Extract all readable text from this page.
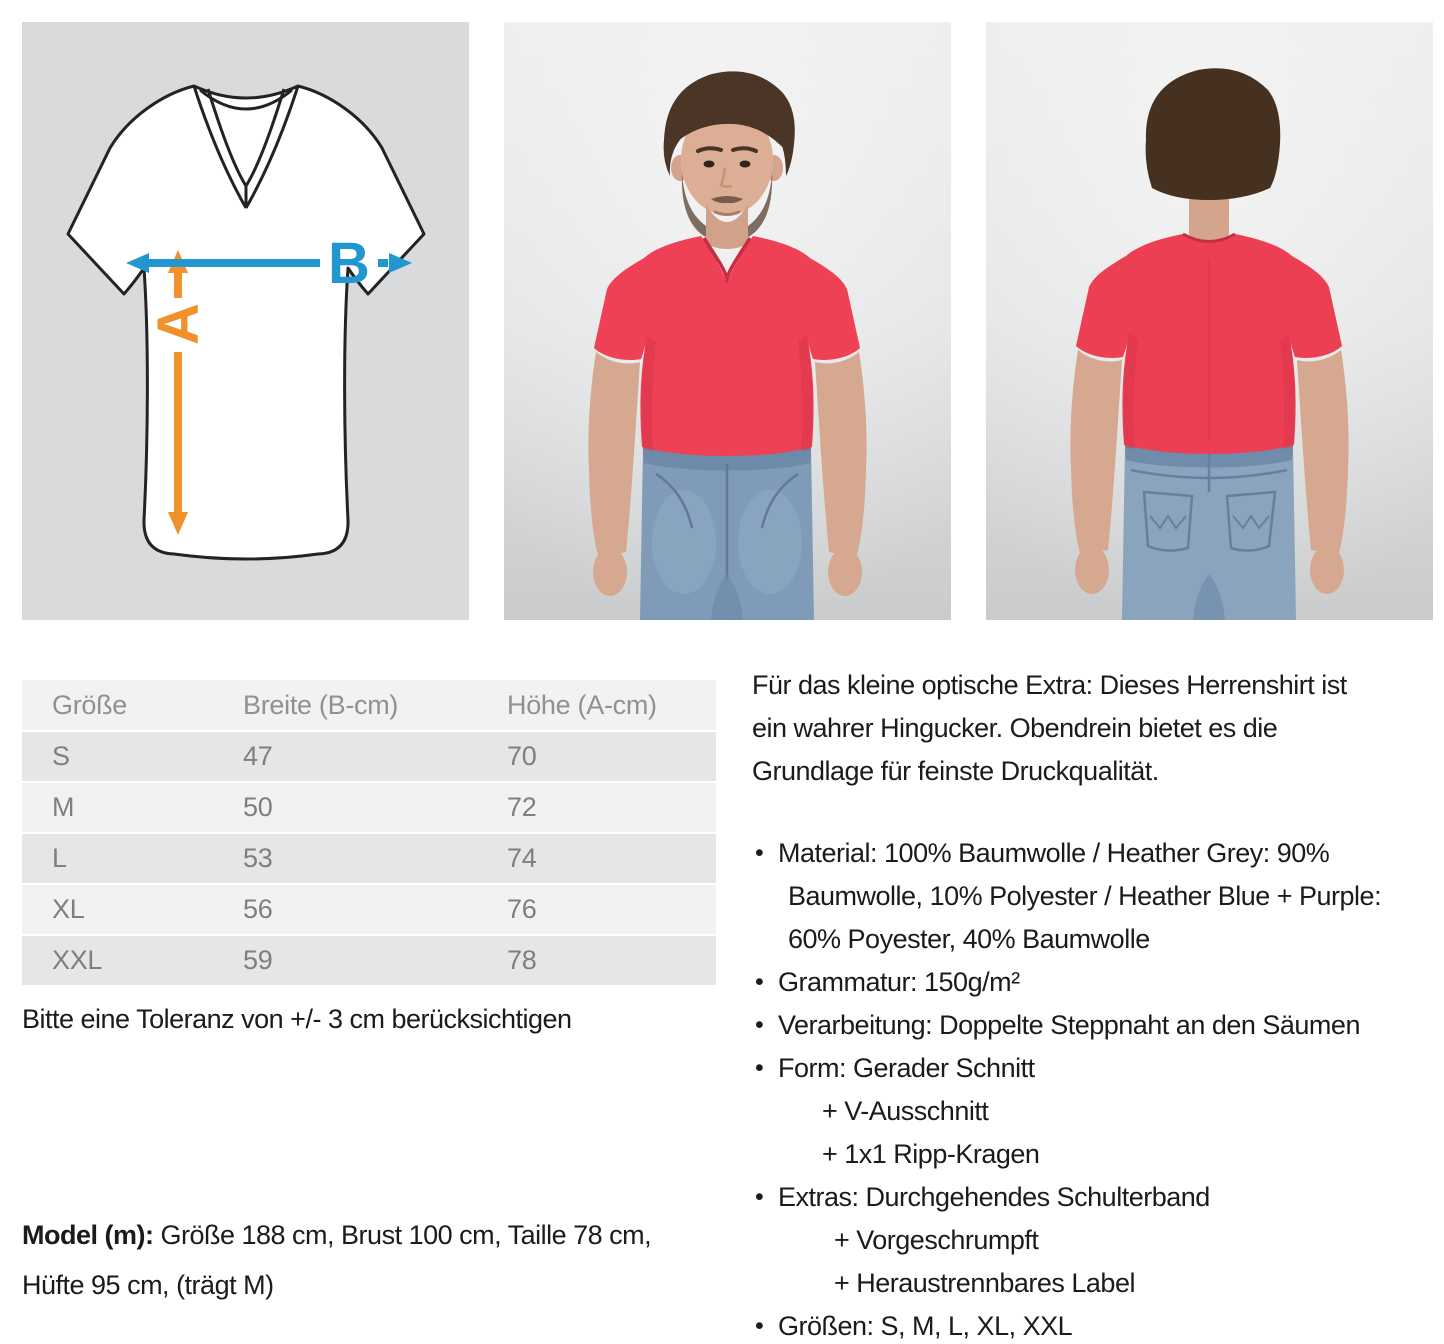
A
B
Größe	Breite (B-cm)	Höhe (A-cm)
S	47	70
M	50	72
L	53	74
XL	56	76
XXL	59	78
Bitte eine Toleranz von +/- 3 cm berücksichtigen
Model (m): Größe 188 cm, Brust 100 cm, Taille 78 cm,
Hüfte 95 cm, (trägt M)
Für das kleine optische Extra: Dieses Herrenshirt ist
ein wahrer Hingucker. Obendrein bietet es die
Grundlage für feinste Druckqualität.
• Material: 100% Baumwolle / Heather Grey: 90%
Baumwolle, 10% Polyester / Heather Blue + Purple:
60% Poyester, 40% Baumwolle
• Grammatur: 150g/m²
• Verarbeitung: Doppelte Steppnaht an den Säumen
• Form: Gerader Schnitt
+ V-Ausschnitt
+ 1x1 Ripp-Kragen
• Extras: Durchgehendes Schulterband
+ Vorgeschrumpft
+ Heraustrennbares Label
• Größen: S, M, L, XL, XXL
